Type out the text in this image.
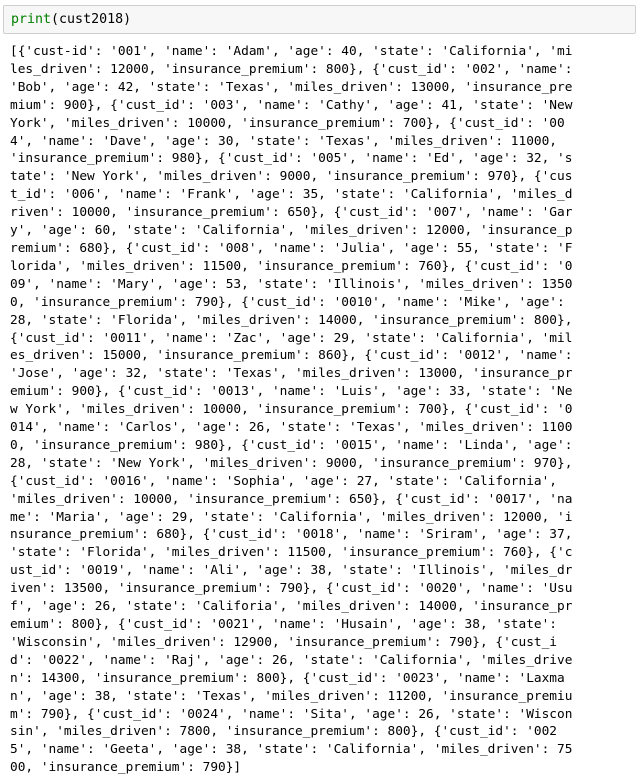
print(cust2018)
[{'cust-id': '001', 'name': 'Adam', 'age': 40, 'state': 'California', 'mi
les_driven': 12000, 'insurance_premium': 800}, {'cust_id': '002', 'name':
'Bob', 'age': 42, 'state': 'Texas', 'miles_driven': 13000, 'insurance_pre
mium': 900}, {'cust_id': '003', 'name': 'Cathy', 'age': 41, 'state': 'New
York', 'miles_driven': 10000, 'insurance_premium': 700}, {'cust_id': '00
4', 'name': 'Dave', 'age': 30, 'state': 'Texas', 'miles_driven': 11000,
'insurance_premium': 980}, {'cust_id': '005', 'name': 'Ed', 'age': 32, 's
tate': 'New York', 'miles_driven': 9000, 'insurance_premium': 970}, {'cus
t_id': '006', 'name': 'Frank', 'age': 35, 'state': 'California', 'miles_d
riven': 10000, 'insurance_premium': 650}, {'cust_id': '007', 'name': 'Gar
y', 'age': 60, 'state': 'California', 'miles_driven': 12000, 'insurance_p
remium': 680}, {'cust_id': '008', 'name': 'Julia', 'age': 55, 'state': 'F
lorida', 'miles_driven': 11500, 'insurance_premium': 760}, {'cust_id': '0
09', 'name': 'Mary', 'age': 53, 'state': 'Illinois', 'miles_driven': 1350
0, 'insurance_premium': 790}, {'cust_id': '0010', 'name': 'Mike', 'age':
28, 'state': 'Florida', 'miles_driven': 14000, 'insurance_premium': 800},
{'cust_id': '0011', 'name': 'Zac', 'age': 29, 'state': 'California', 'mil
es_driven': 15000, 'insurance_premium': 860}, {'cust_id': '0012', 'name':
'Jose', 'age': 32, 'state': 'Texas', 'miles_driven': 13000, 'insurance_pr
emium': 900}, {'cust_id': '0013', 'name': 'Luis', 'age': 33, 'state': 'Ne
w York', 'miles_driven': 10000, 'insurance_premium': 700}, {'cust_id': '0
014', 'name': 'Carlos', 'age': 26, 'state': 'Texas', 'miles_driven': 1100
0, 'insurance_premium': 980}, {'cust_id': '0015', 'name': 'Linda', 'age':
28, 'state': 'New York', 'miles_driven': 9000, 'insurance_premium': 970},
{'cust_id': '0016', 'name': 'Sophia', 'age': 27, 'state': 'California',
'miles_driven': 10000, 'insurance_premium': 650}, {'cust_id': '0017', 'na
me': 'Maria', 'age': 29, 'state': 'California', 'miles_driven': 12000, 'i
nsurance_premium': 680}, {'cust_id': '0018', 'name': 'Sriram', 'age': 37,
'state': 'Florida', 'miles_driven': 11500, 'insurance_premium': 760}, {'c
ust_id': '0019', 'name': 'Ali', 'age': 38, 'state': 'Illinois', 'miles_dr
iven': 13500, 'insurance_premium': 790}, {'cust_id': '0020', 'name': 'Usu
f', 'age': 26, 'state': 'Califoria', 'miles_driven': 14000, 'insurance_pr
emium': 800}, {'cust_id': '0021', 'name': 'Husain', 'age': 38, 'state':
'Wisconsin', 'miles_driven': 12900, 'insurance_premium': 790}, {'cust_i
d': '0022', 'name': 'Raj', 'age': 26, 'state': 'California', 'miles_drive
n': 14300, 'insurance_premium': 800}, {'cust_id': '0023', 'name': 'Laxma
n', 'age': 38, 'state': 'Texas', 'miles_driven': 11200, 'insurance_premiu
m': 790}, {'cust_id': '0024', 'name': 'Sita', 'age': 26, 'state': 'Wiscon
sin', 'miles_driven': 7800, 'insurance_premium': 800}, {'cust_id': '002
5', 'name': 'Geeta', 'age': 38, 'state': 'California', 'miles_driven': 75
00, 'insurance_premium': 790}]
